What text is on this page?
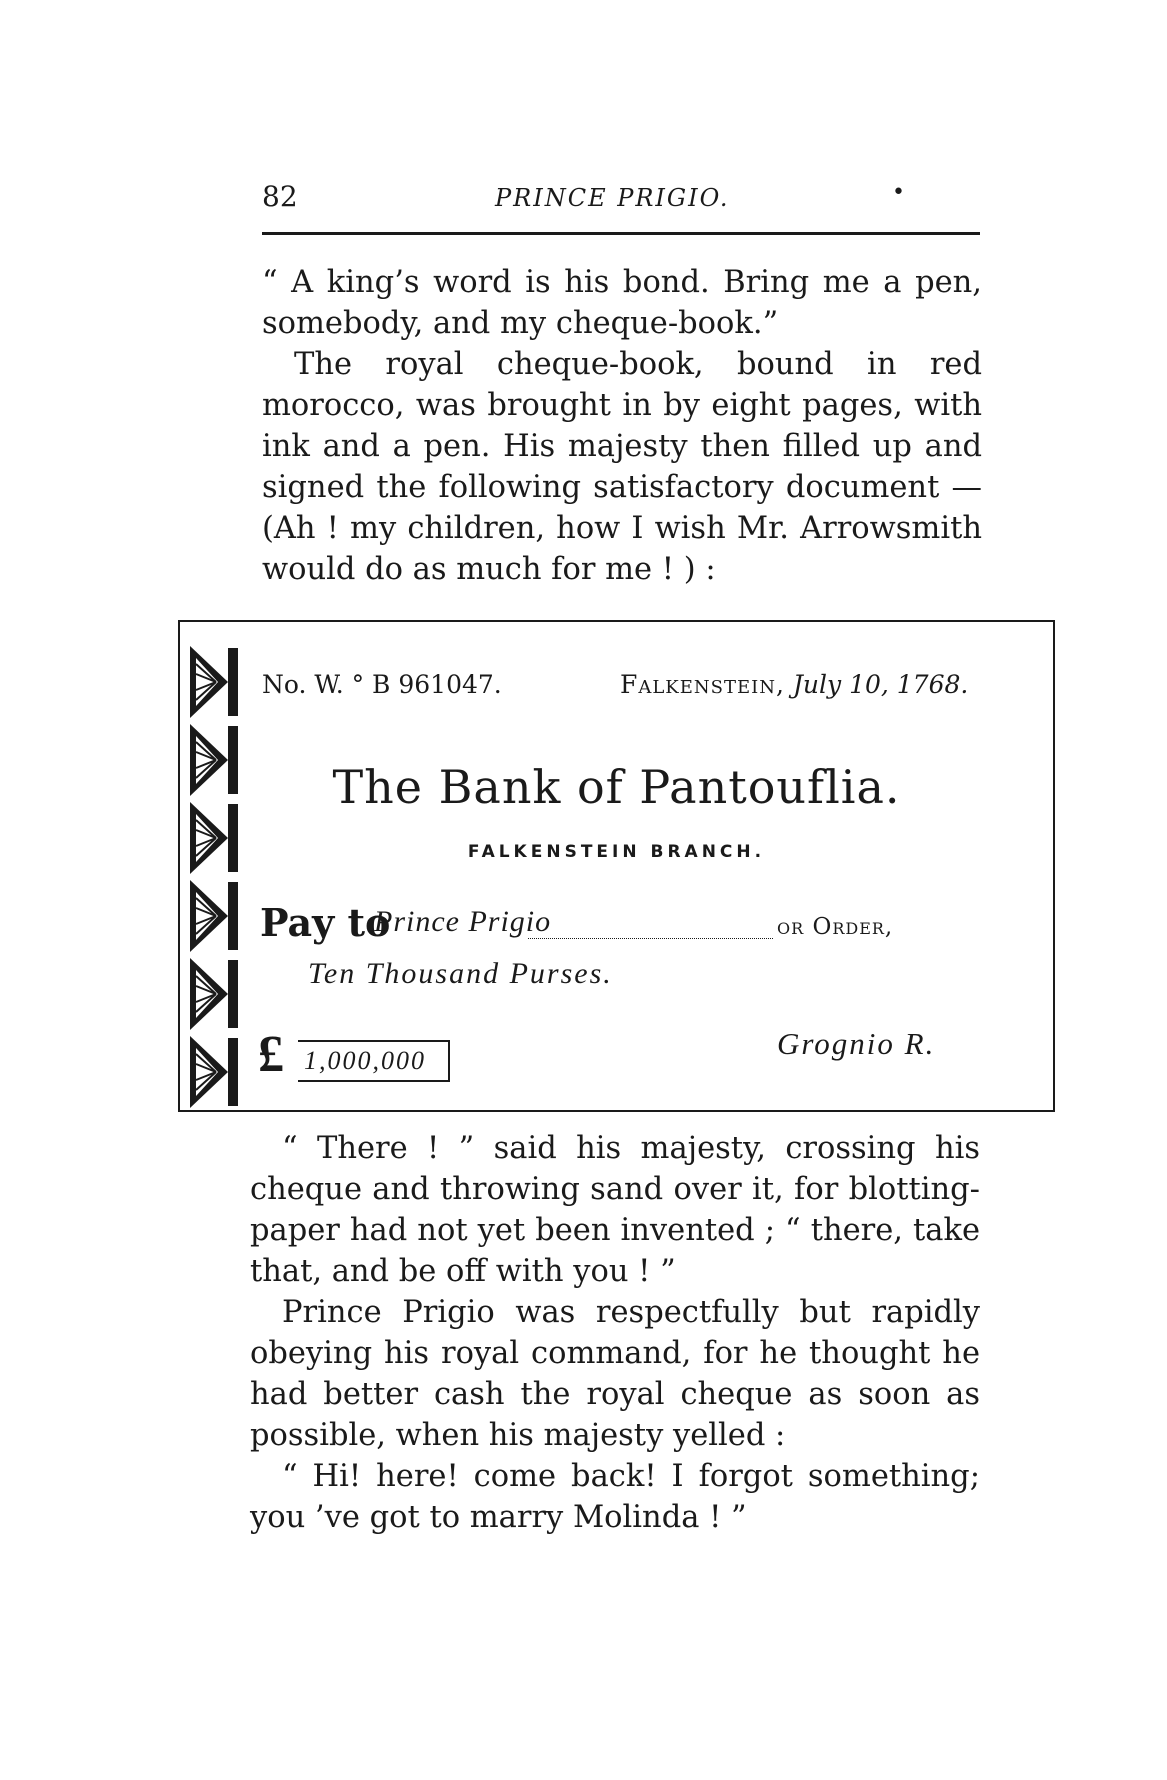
82	PRINCE PRIGIO.	•

“ A king’s word is his bond. Bring me a pen, somebody, and my cheque-book.”

The royal cheque-book, bound in red morocco, was brought in by eight pages, with ink and a pen. His majesty then filled up and signed the following satisfactory document — (Ah ! my children, how I wish Mr. Arrowsmith would do as much for me ! ) :

No. W. ° B 961047.	Falkenstein, July 10, 1768.
The Bank of Pantouflia.
FALKENSTEIN BRANCH.
Pay to
Prince Prigio	or Order,
Ten Thousand Purses.
£ 1,000,000	Grognio R.

“ There ! ” said his majesty, crossing his cheque and throwing sand over it, for blotting-paper had not yet been invented ; “ there, take that, and be off with you ! ”

Prince Prigio was respectfully but rapidly obeying his royal command, for he thought he had better cash the royal cheque as soon as possible, when his majesty yelled :

“ Hi! here! come back! I forgot something; you ’ve got to marry Molinda ! ”
